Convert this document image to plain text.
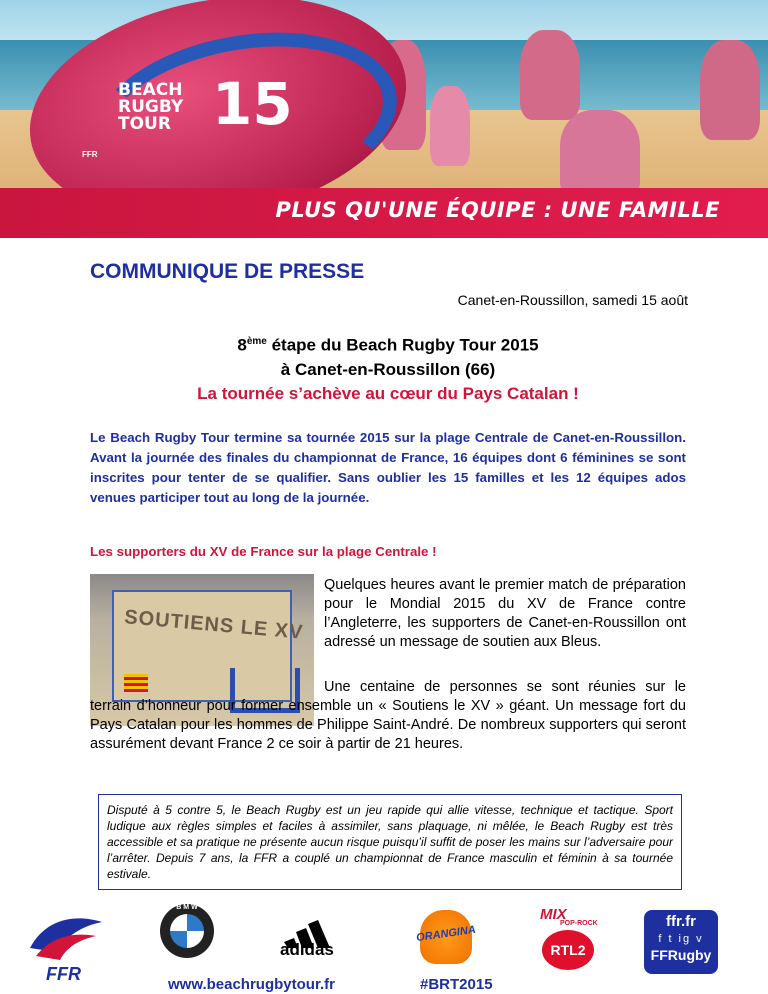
BEACH
RUGBY
TOUR 15
FFR
PLUS QU'UNE ÉQUIPE : UNE FAMILLE
COMMUNIQUE DE PRESSE
Canet-en-Roussillon, samedi 15 août
8ème étape du Beach Rugby Tour 2015
à Canet-en-Roussillon (66)
La tournée s’achève au cœur du Pays Catalan !
Le Beach Rugby Tour termine sa tournée 2015 sur la plage Centrale de Canet-en-Roussillon. Avant la journée des finales du championnat de France, 16 équipes dont 6 féminines se sont inscrites pour tenter de se qualifier. Sans oublier les 15 familles et les 12 équipes ados venues participer tout au long de la journée.
Les supporters du XV de France sur la plage Centrale !
SOUTIENS LE XV
Quelques heures avant le premier match de préparation pour le Mondial 2015 du XV de France contre l’Angleterre, les supporters de Canet-en-Roussillon ont adressé un message de soutien aux Bleus.
Une centaine de personnes se sont réunies sur le terrain d’honneur pour former ensemble un « Soutiens le XV » géant. Un message fort du Pays Catalan pour les hommes de Philippe Saint-André. De nombreux supporters qui seront assurément devant France 2 ce soir à partir de 21 heures.
Disputé à 5 contre 5, le Beach Rugby est un jeu rapide qui allie vitesse, technique et tactique. Sport ludique aux règles simples et faciles à assimiler, sans plaquage, ni mêlée, le Beach Rugby est très accessible et sa pratique ne présente aucun risque puisqu’il suffit de poser les mains sur l’adversaire pour l’arrêter. Depuis 7 ans, la FFR a couplé un championnat de France masculin et féminin à sa tournée estivale.
FFR
B M W
adidas
ORANGINA
MIX
POP-ROCK
RTL2
ffr.fr
f t ig v
FFRugby
www.beachrugbytour.fr	#BRT2015
